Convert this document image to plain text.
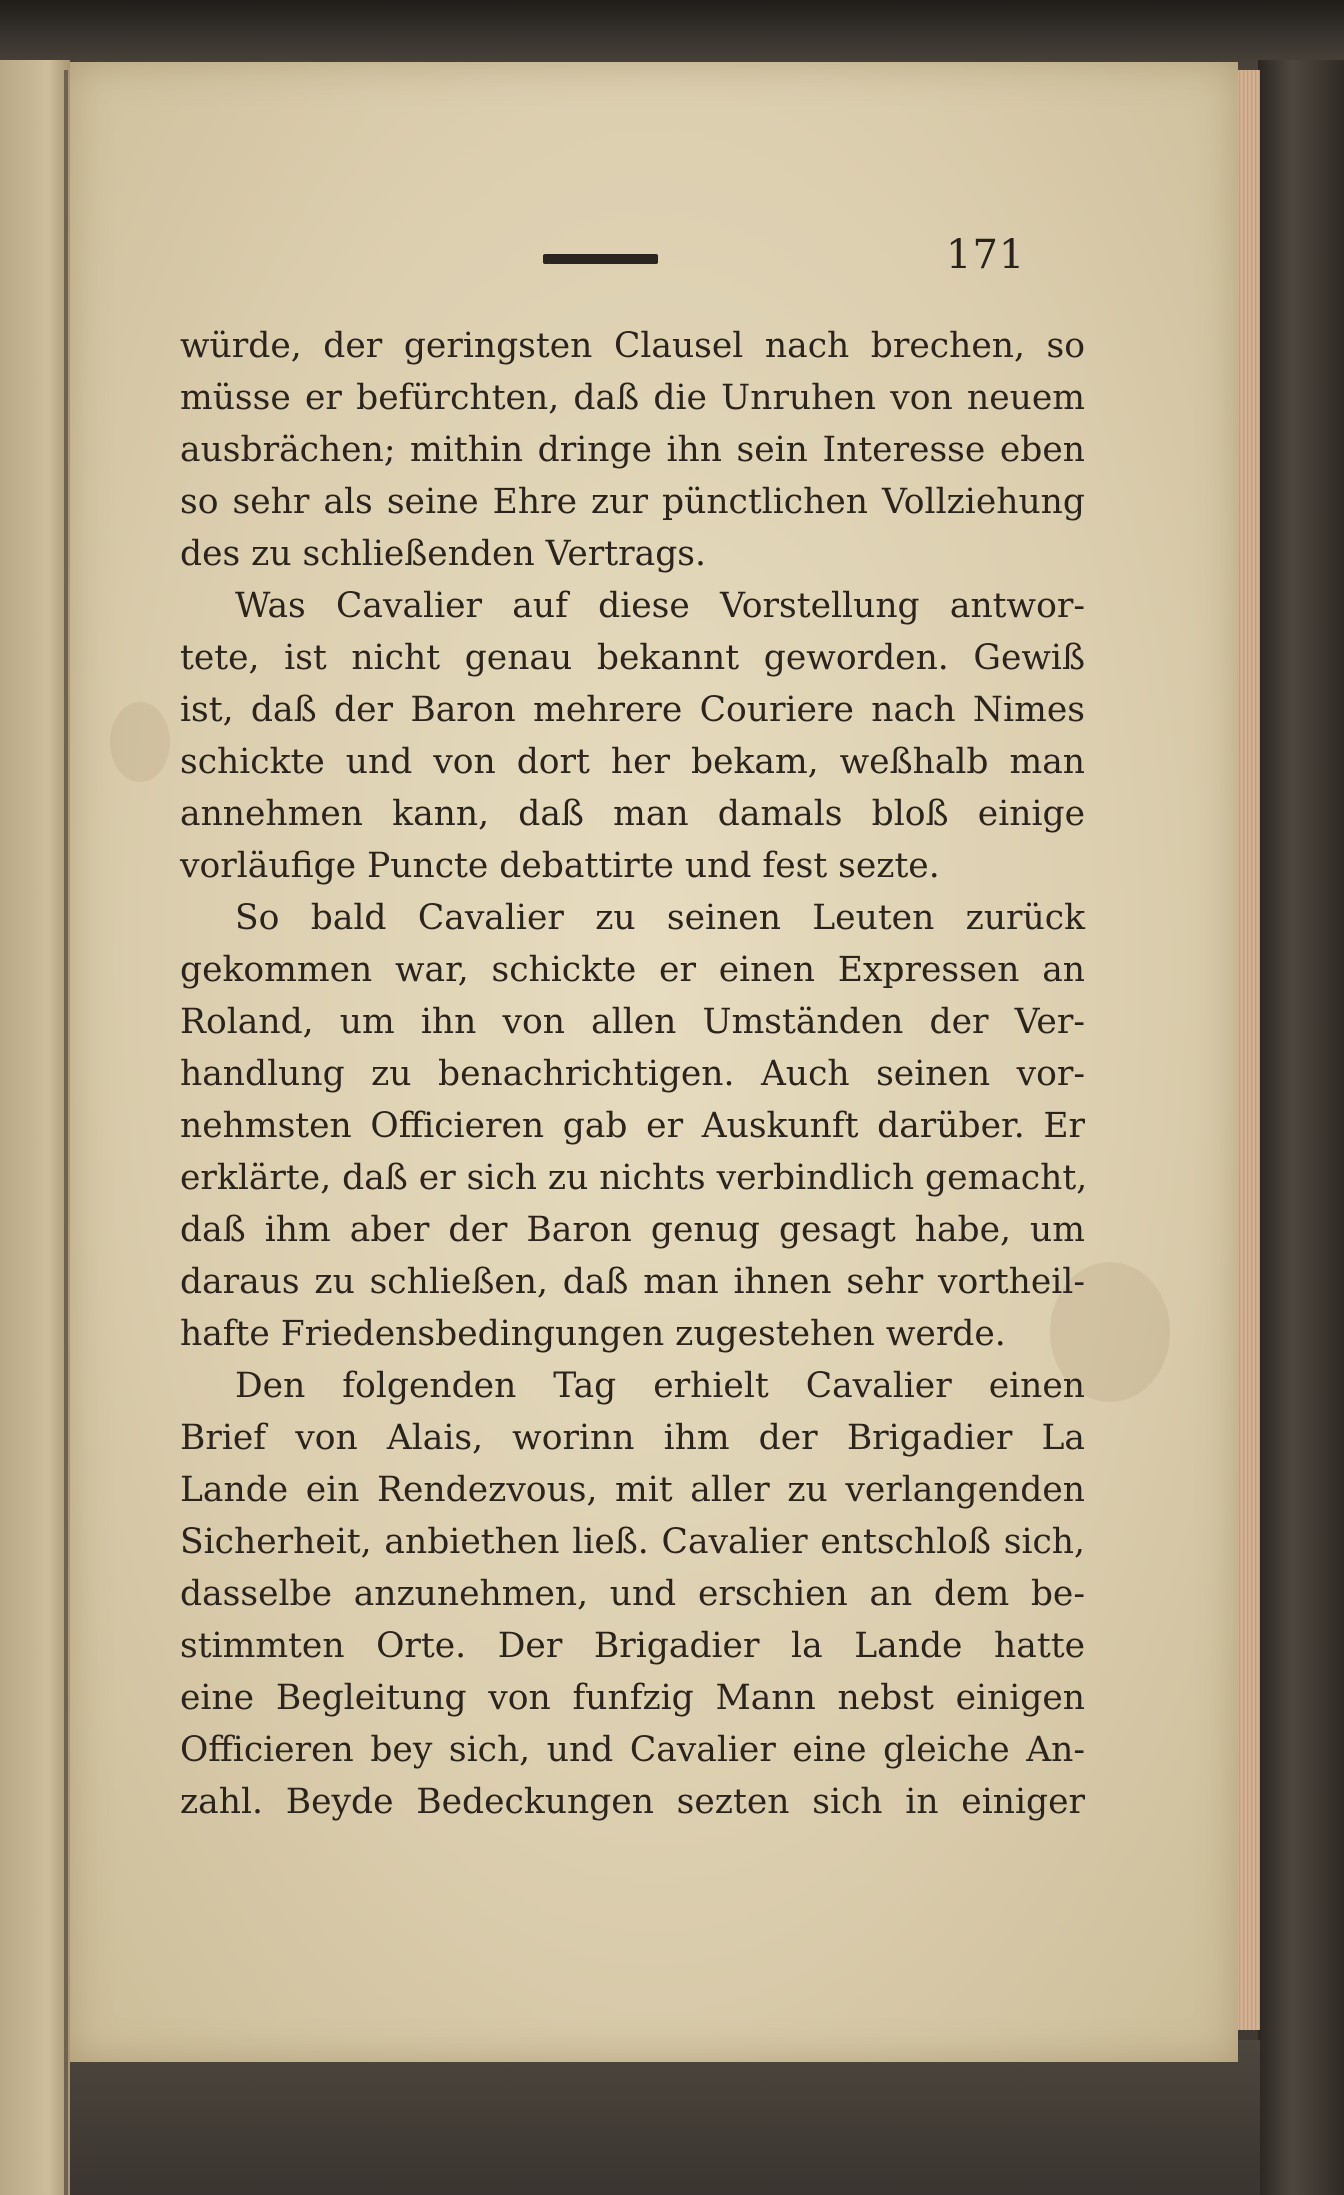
171
würde, der geringsten Clausel nach brechen, so
müsse er befürchten, daß die Unruhen von neuem
ausbrächen; mithin dringe ihn sein Interesse eben
so sehr als seine Ehre zur pünctlichen Vollziehung
des zu schließenden Vertrags.
Was Cavalier auf diese Vorstellung antwor-
tete, ist nicht genau bekannt geworden. Gewiß
ist, daß der Baron mehrere Couriere nach Nimes
schickte und von dort her bekam, weßhalb man
annehmen kann, daß man damals bloß einige
vorläufige Puncte debattirte und fest sezte.
So bald Cavalier zu seinen Leuten zurück
gekommen war, schickte er einen Expressen an
Roland, um ihn von allen Umständen der Ver-
handlung zu benachrichtigen. Auch seinen vor-
nehmsten Officieren gab er Auskunft darüber. Er
erklärte, daß er sich zu nichts verbindlich gemacht,
daß ihm aber der Baron genug gesagt habe, um
daraus zu schließen, daß man ihnen sehr vortheil-
hafte Friedensbedingungen zugestehen werde.
Den folgenden Tag erhielt Cavalier einen
Brief von Alais, worinn ihm der Brigadier La
Lande ein Rendezvous, mit aller zu verlangenden
Sicherheit, anbiethen ließ. Cavalier entschloß sich,
dasselbe anzunehmen, und erschien an dem be-
stimmten Orte. Der Brigadier la Lande hatte
eine Begleitung von funfzig Mann nebst einigen
Officieren bey sich, und Cavalier eine gleiche An-
zahl. Beyde Bedeckungen sezten sich in einiger
